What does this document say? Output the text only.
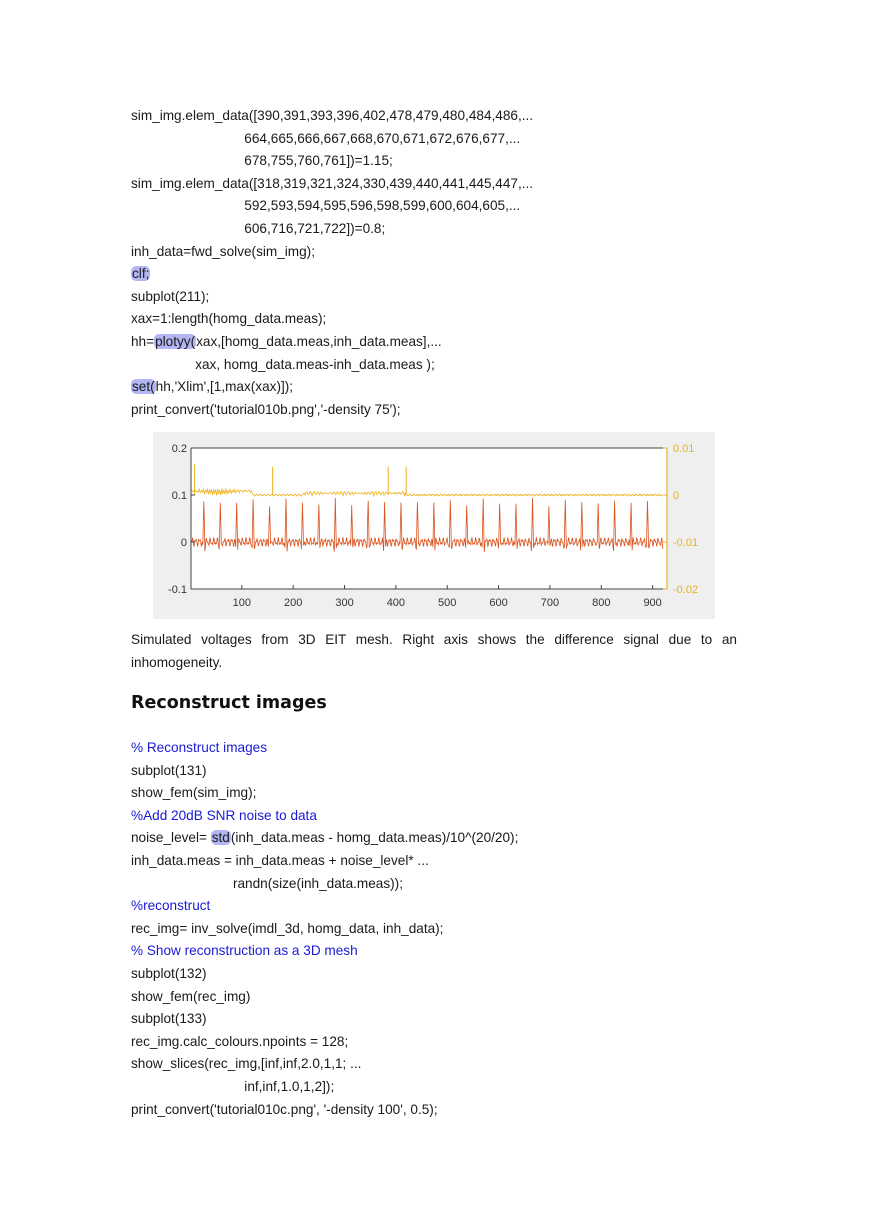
sim_img.elem_data([390,391,393,396,402,478,479,480,484,486,...
664,665,666,667,668,670,671,672,676,677,...
678,755,760,761])=1.15;
sim_img.elem_data([318,319,321,324,330,439,440,441,445,447,...
592,593,594,595,596,598,599,600,604,605,...
606,716,721,722])=0.8;
inh_data=fwd_solve(sim_img);
clf;
subplot(211);
xax=1:length(homg_data.meas);
hh=plotyy(xax,[homg_data.meas,inh_data.meas],...
xax, homg_data.meas-inh_data.meas );
set(hh,'Xlim',[1,max(xax)]);
print_convert('tutorial010b.png','-density 75');
0.2
0.1
0
-0.1
0.01
0
-0.01
-0.02
100	200	300	400	500	600	700	800	900
Simulated voltages from 3D EIT mesh. Right axis shows the difference signal due to an inhomogeneity.
Reconstruct images
% Reconstruct images
subplot(131)
show_fem(sim_img);
%Add 20dB SNR noise to data
noise_level= std(inh_data.meas - homg_data.meas)/10^(20/20);
inh_data.meas = inh_data.meas + noise_level* ...
randn(size(inh_data.meas));
%reconstruct
rec_img= inv_solve(imdl_3d, homg_data, inh_data);
% Show reconstruction as a 3D mesh
subplot(132)
show_fem(rec_img)
subplot(133)
rec_img.calc_colours.npoints = 128;
show_slices(rec_img,[inf,inf,2.0,1,1; ...
inf,inf,1.0,1,2]);
print_convert('tutorial010c.png', '-density 100', 0.5);
